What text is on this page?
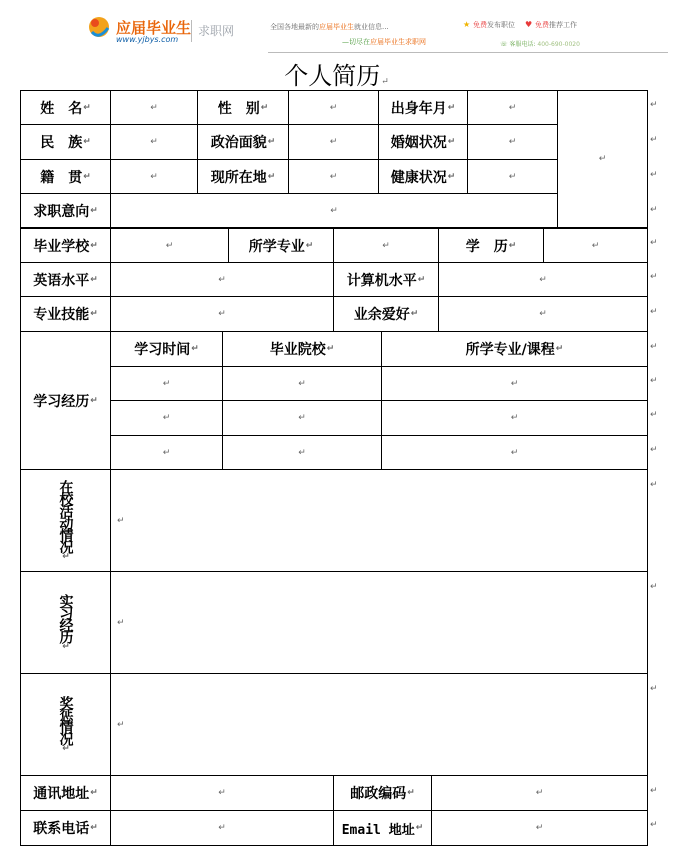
应届毕业生
www.yjbys.com
求职网	全国各地最新的应届毕业生就业信息...
—切尽在应届毕业生求职网
★ 免费发布职位 ♥ 免费推荐工作
☏ 客服电话: 400-690-0020
个人简历↵
姓　名 ↵	↵	性　别 ↵	↵	出身年月 ↵	↵
↵
民　族 ↵	↵	政治面貌 ↵	↵	婚姻状况 ↵	↵
籍　贯 ↵	↵	现所在地 ↵	↵	健康状况 ↵	↵
求职意向 ↵	↵
毕业学校 ↵	↵	所学专业 ↵	↵	学　历 ↵	↵
英语水平 ↵	↵	计算机水平 ↵	↵
专业技能 ↵	↵	业余爱好 ↵	↵
学习经历 ↵
学习时间 ↵	毕业院校 ↵	所学专业/课程 ↵
↵	↵	↵
↵	↵	↵
↵	↵	↵
在校活动情况
↵
↵
实习经历
↵
↵
奖惩情况
↵
↵
通讯地址 ↵	↵	邮政编码 ↵	↵
联系电话 ↵	↵	Email 地址 ↵	↵
↵
↵
↵
↵
↵
↵
↵
↵
↵
↵
↵
↵
↵
↵
↵
↵
